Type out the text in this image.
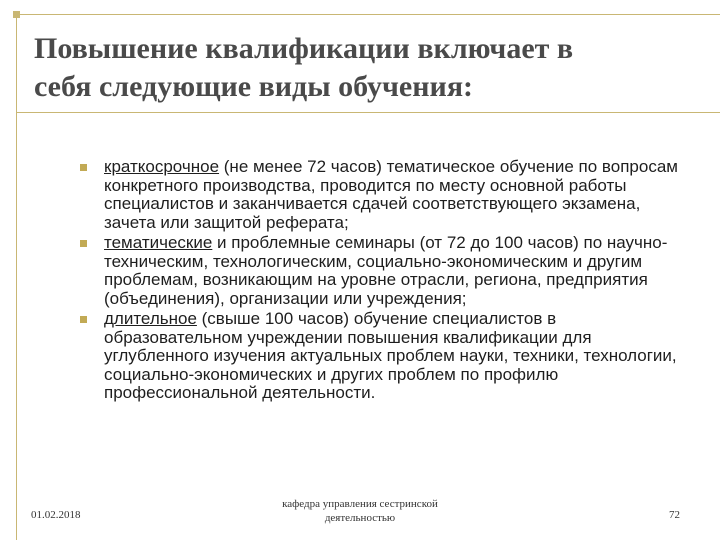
Повышение квалификации включает в
себя следующие виды обучения:
краткосрочное (не менее 72 часов) тематическое обучение по вопросам конкретного производства, проводится по месту основной работы специалистов и заканчивается сдачей соответствующего экзамена, зачета или защитой реферата;
тематические и проблемные семинары (от 72 до 100 часов) по научно-техническим, технологическим, социально-экономическим и другим проблемам, возникающим на уровне отрасли, региона, предприятия (объединения), организации или учреждения;
длительное (свыше 100 часов) обучение специалистов в образовательном учреждении повышения квалификации для углубленного изучения актуальных проблем науки, техники, технологии, социально-экономических и других проблем по профилю профессиональной деятельности.
01.02.2018
кафедра управления сестринской
деятельностью	72
